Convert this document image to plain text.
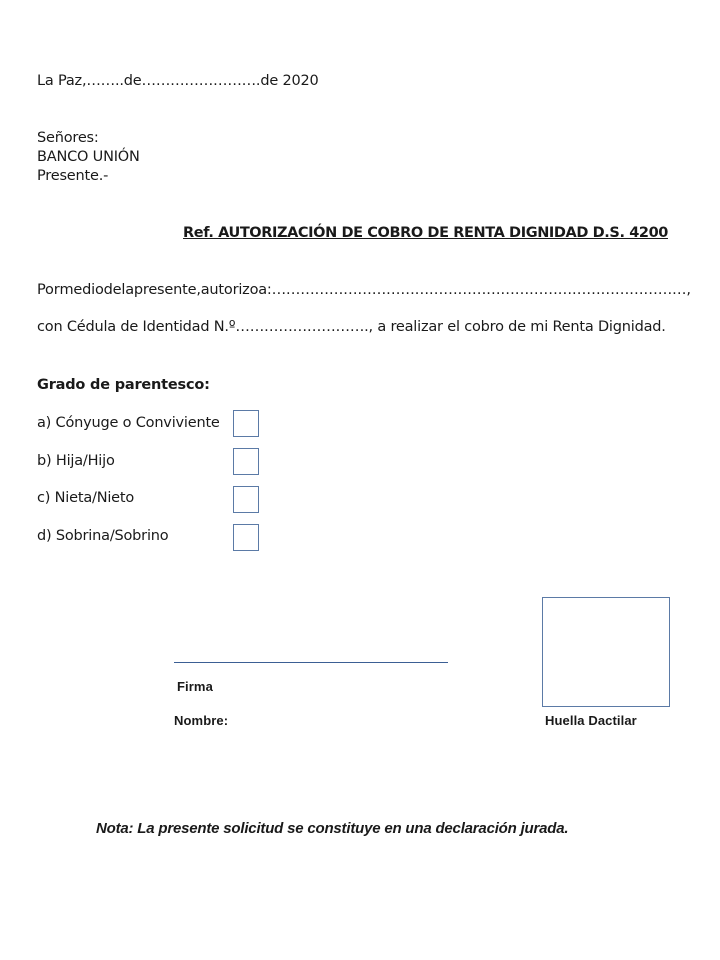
La Paz,……..de…………………….de 2020
Señores:
BANCO UNIÓN
Presente.-
Ref. AUTORIZACIÓN DE COBRO DE RENTA DIGNIDAD D.S. 4200
Por medio de la presente, autorizo a: ……………………………………………………………………………,
con Cédula de Identidad N.º………………………., a realizar el cobro de mi Renta Dignidad.
Grado de parentesco:
a) Cónyuge o Conviviente
b) Hija/Hijo
c) Nieta/Nieto
d) Sobrina/Sobrino
Firma
Nombre:	Huella Dactilar
Nota: La presente solicitud se constituye en una declaración jurada.
